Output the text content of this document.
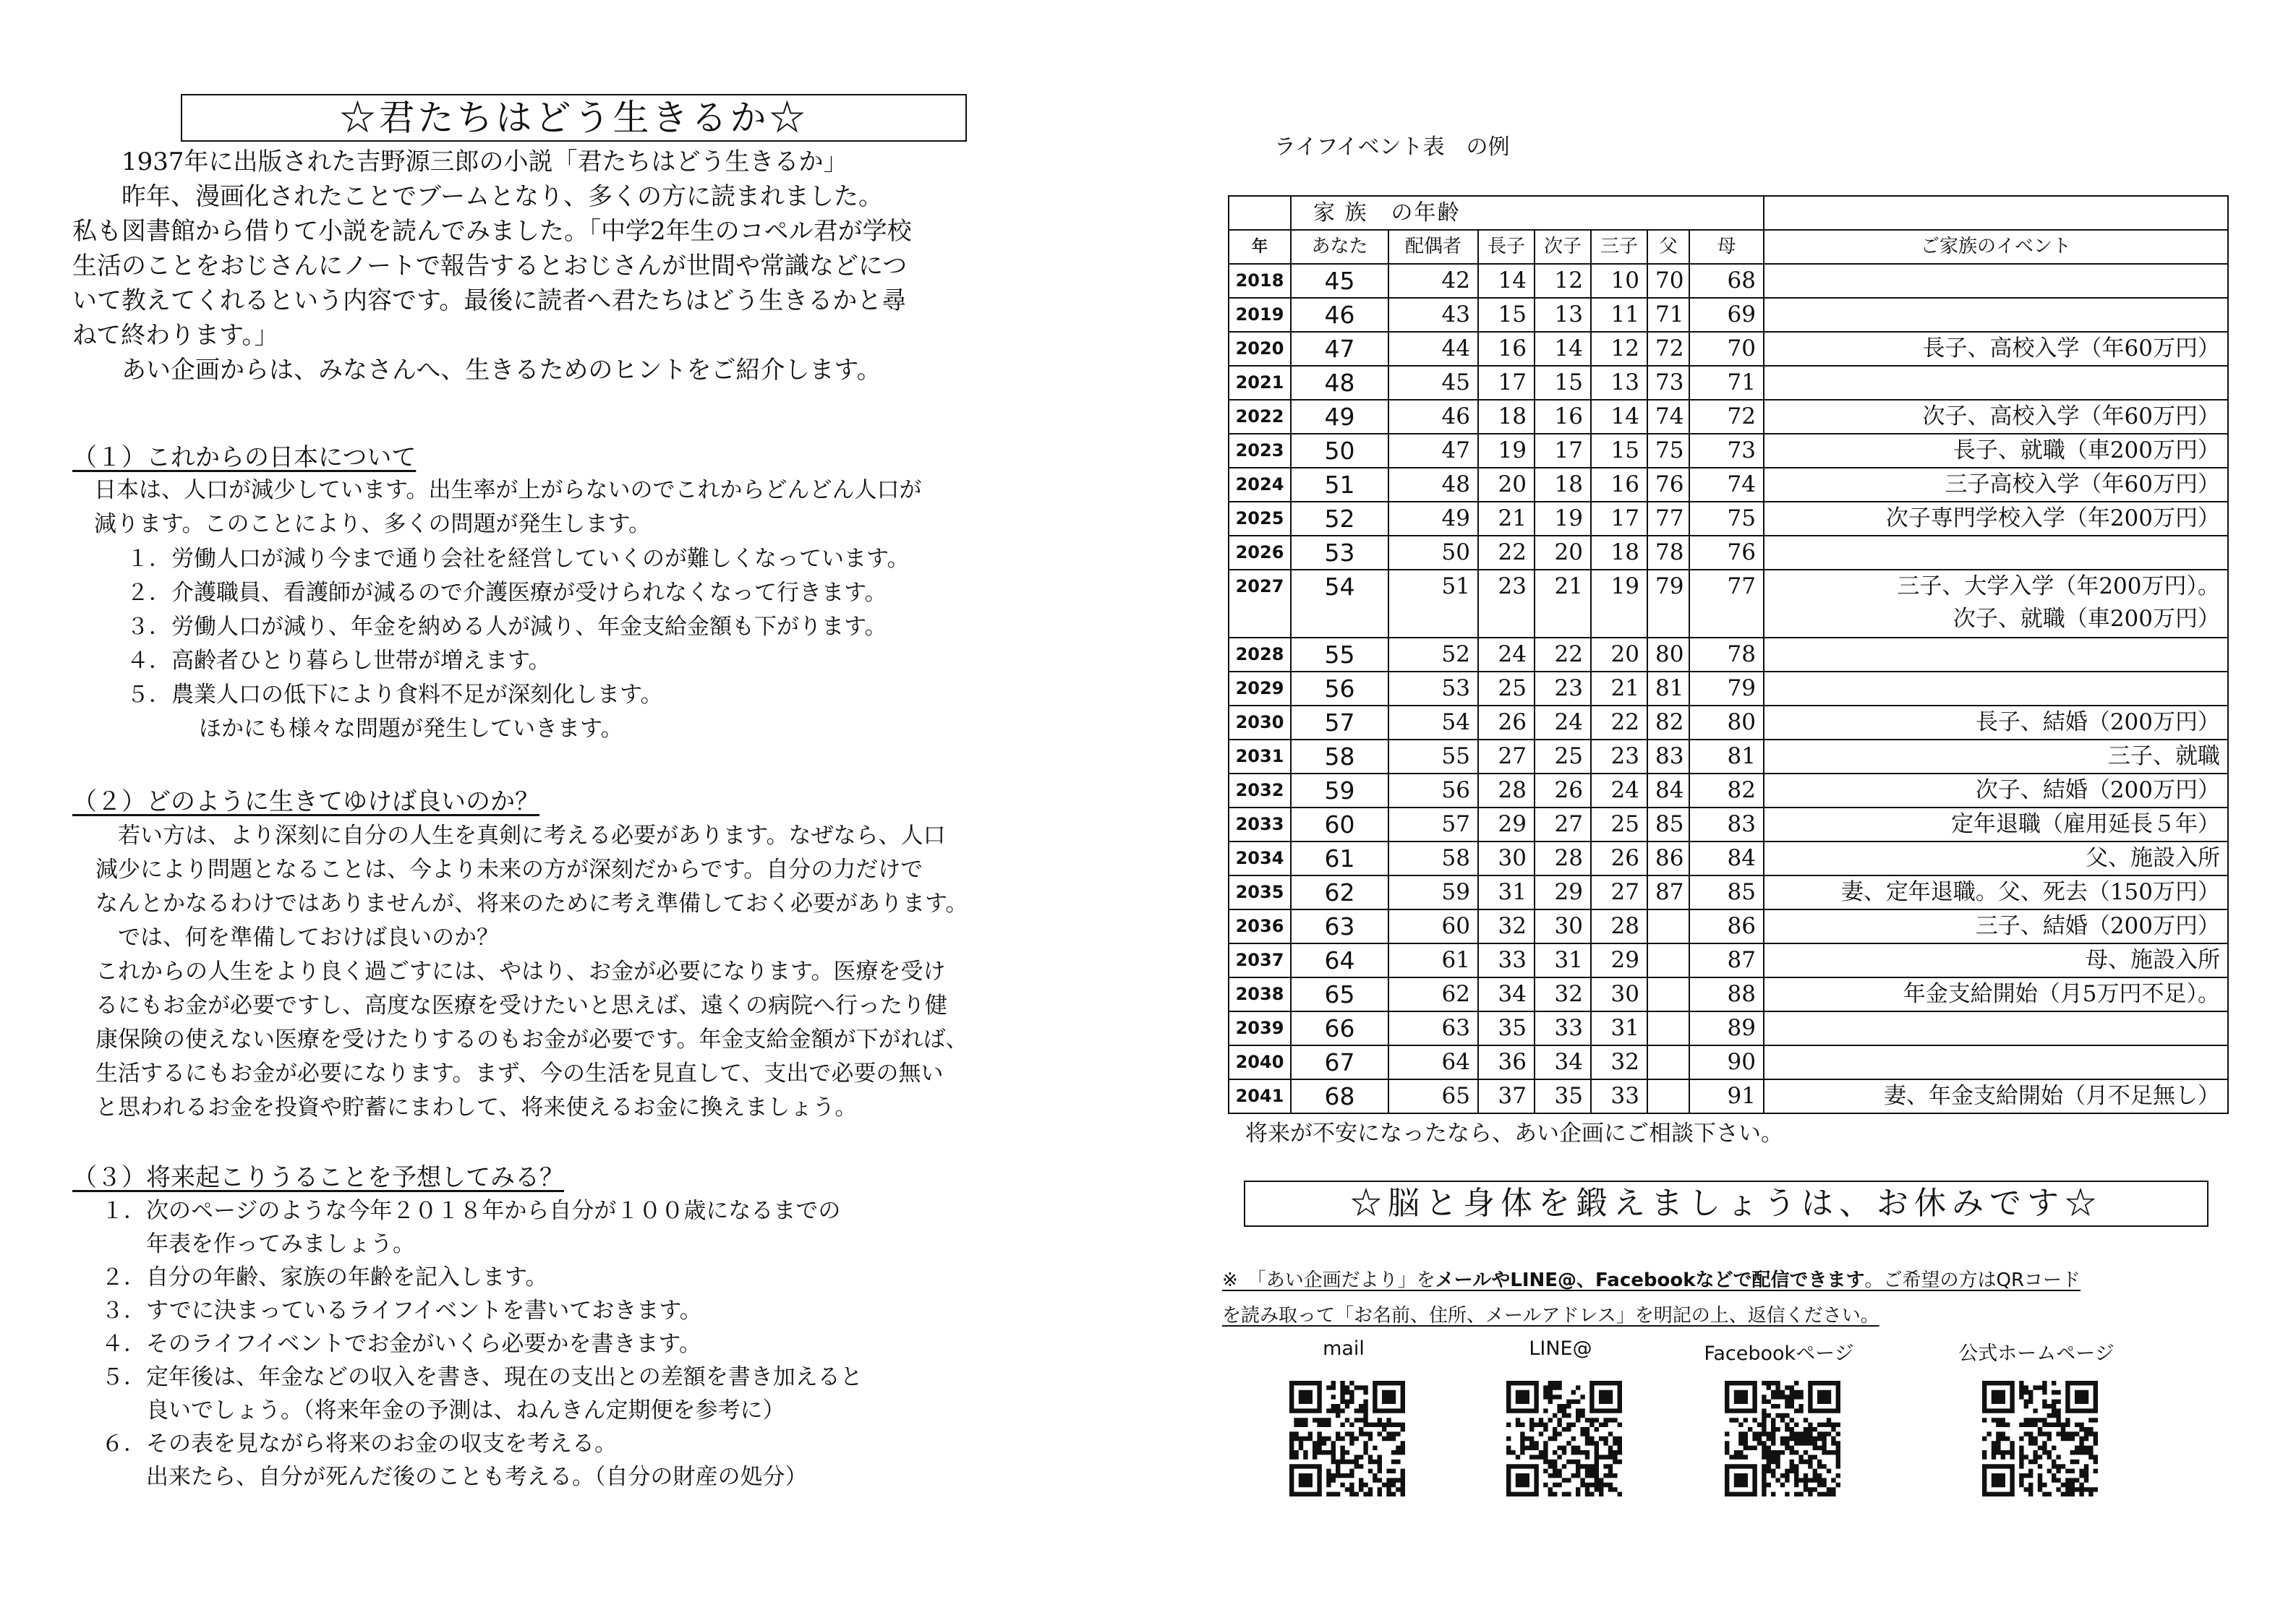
☆君たちはどう生きるか☆
　　1937年に出版された吉野源三郎の小説「君たちはどう生きるか」
　　昨年、漫画化されたことでブームとなり、多くの方に読まれました。
私も図書館から借りて小説を読んでみました。「中学2年生のコペル君が学校
生活のことをおじさんにノートで報告するとおじさんが世間や常識などにつ
いて教えてくれるという内容です。最後に読者へ君たちはどう生きるかと尋
ねて終わります。」
　　あい企画からは、みなさんへ、生きるためのヒントをご紹介します。
（１）これからの日本について
日本は、人口が減少しています。出生率が上がらないのでこれからどんどん人口が
減ります。このことにより、多くの問題が発生します。
１．労働人口が減り今まで通り会社を経営していくのが難しくなっています。
２．介護職員、看護師が減るので介護医療が受けられなくなって行きます。
３．労働人口が減り、年金を納める人が減り、年金支給金額も下がります。
４．高齢者ひとり暮らし世帯が増えます。
５．農業人口の低下により食料不足が深刻化します。
ほかにも様々な問題が発生していきます。
（２）どのように生きてゆけば良いのか？
　若い方は、より深刻に自分の人生を真剣に考える必要があります。なぜなら、人口
減少により問題となることは、今より未来の方が深刻だからです。自分の力だけで
なんとかなるわけではありませんが、将来のために考え準備しておく必要があります。
　では、何を準備しておけば良いのか？
これからの人生をより良く過ごすには、やはり、お金が必要になります。医療を受け
るにもお金が必要ですし、高度な医療を受けたいと思えば、遠くの病院へ行ったり健
康保険の使えない医療を受けたりするのもお金が必要です。年金支給金額が下がれば、
生活するにもお金が必要になります。まず、今の生活を見直して、支出で必要の無い
と思われるお金を投資や貯蓄にまわして、将来使えるお金に換えましょう。
（３）将来起こりうることを予想してみる？
１．次のページのような今年２０１８年から自分が１００歳になるまでの
　　年表を作ってみましょう。
２．自分の年齢、家族の年齢を記入します。
３．すでに決まっているライフイベントを書いておきます。
４．そのライフイベントでお金がいくら必要かを書きます。
５．定年後は、年金などの収入を書き、現在の支出との差額を書き加えると
　　良いでしょう。（将来年金の予測は、ねんきん定期便を参考に）
６．その表を見ながら将来のお金の収支を考える。
　　出来たら、自分が死んだ後のことも考える。（自分の財産の処分）
ライフイベント表　の例
	家 族　の年齢							
年	あなた	配偶者	長子	次子	三子	父	母	ご家族のイベント
2018	45	42	14	12	10	70	68	
2019	46	43	15	13	11	71	69	
2020	47	44	16	14	12	72	70	長子、高校入学（年60万円）

2021	48	45	17	15	13	73	71	
2022	49	46	18	16	14	74	72	次子、高校入学（年60万円）

2023	50	47	19	17	15	75	73	長子、就職（車200万円）

2024	51	48	20	18	16	76	74	三子高校入学（年60万円）

2025	52	49	21	19	17	77	75	次子専門学校入学（年200万円）

2026	53	50	22	20	18	78	76	
2027	54	51	23	21	19	79	77	三子、大学入学（年200万円）。
次子、就職（車200万円）

2028	55	52	24	22	20	80	78	
2029	56	53	25	23	21	81	79	
2030	57	54	26	24	22	82	80	長子、結婚（200万円）

2031	58	55	27	25	23	83	81	三子、就職

2032	59	56	28	26	24	84	82	次子、結婚（200万円）

2033	60	57	29	27	25	85	83	定年退職（雇用延長５年）

2034	61	58	30	28	26	86	84	父、施設入所

2035	62	59	31	29	27	87	85	妻、定年退職。父、死去（150万円）

2036	63	60	32	30	28		86	三子、結婚（200万円）

2037	64	61	33	31	29		87	母、施設入所

2038	65	62	34	32	30		88	年金支給開始（月5万円不足）。

2039	66	63	35	33	31		89	
2040	67	64	36	34	32		90	
2041	68	65	37	35	33		91	妻、年金支給開始（月不足無し）
将来が不安になったなら、あい企画にご相談下さい。
☆脳と身体を鍛えましょうは、お休みです☆
※　「あい企画だより」をメールやLINE@、Facebookなどで配信できます。ご希望の方はQRコード
を読み取って「お名前、住所、メールアドレス」を明記の上、返信ください。
mail	LINE@	Facebookページ	公式ホームページ
